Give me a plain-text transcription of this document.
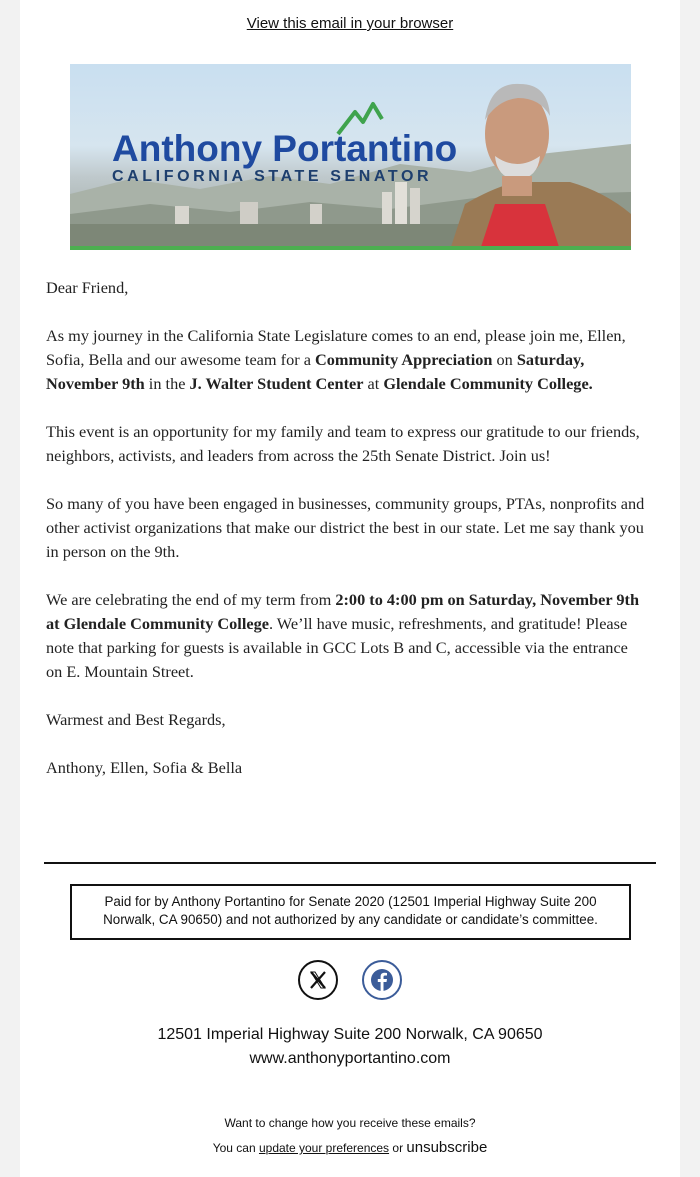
View this email in your browser
Anthony Portantino
CALIFORNIA STATE SENATOR

Dear Friend,

As my journey in the California State Legislature comes to an end, please join me, Ellen, Sofia, Bella and our awesome team for a Community Appreciation on Saturday, November 9th in the J. Walter Student Center at Glendale Community College.

This event is an opportunity for my family and team to express our gratitude to our friends, neighbors, activists, and leaders from across the 25th Senate District. Join us!

So many of you have been engaged in businesses, community groups, PTAs, nonprofits and other activist organizations that make our district the best in our state. Let me say thank you in person on the 9th.

We are celebrating the end of my term from 2:00 to 4:00 pm on Saturday, November 9th at Glendale Community College. We’ll have music, refreshments, and gratitude! Please note that parking for guests is available in GCC Lots B and C, accessible via the entrance on E. Mountain Street.

Warmest and Best Regards,

Anthony, Ellen, Sofia & Bella

Paid for by Anthony Portantino for Senate 2020 (12501 Imperial Highway Suite 200 Norwalk, CA 90650) and not authorized by any candidate or candidate’s committee.
12501 Imperial Highway Suite 200 Norwalk, CA 90650
www.anthonyportantino.com
Want to change how you receive these emails?
You can update your preferences or unsubscribe
